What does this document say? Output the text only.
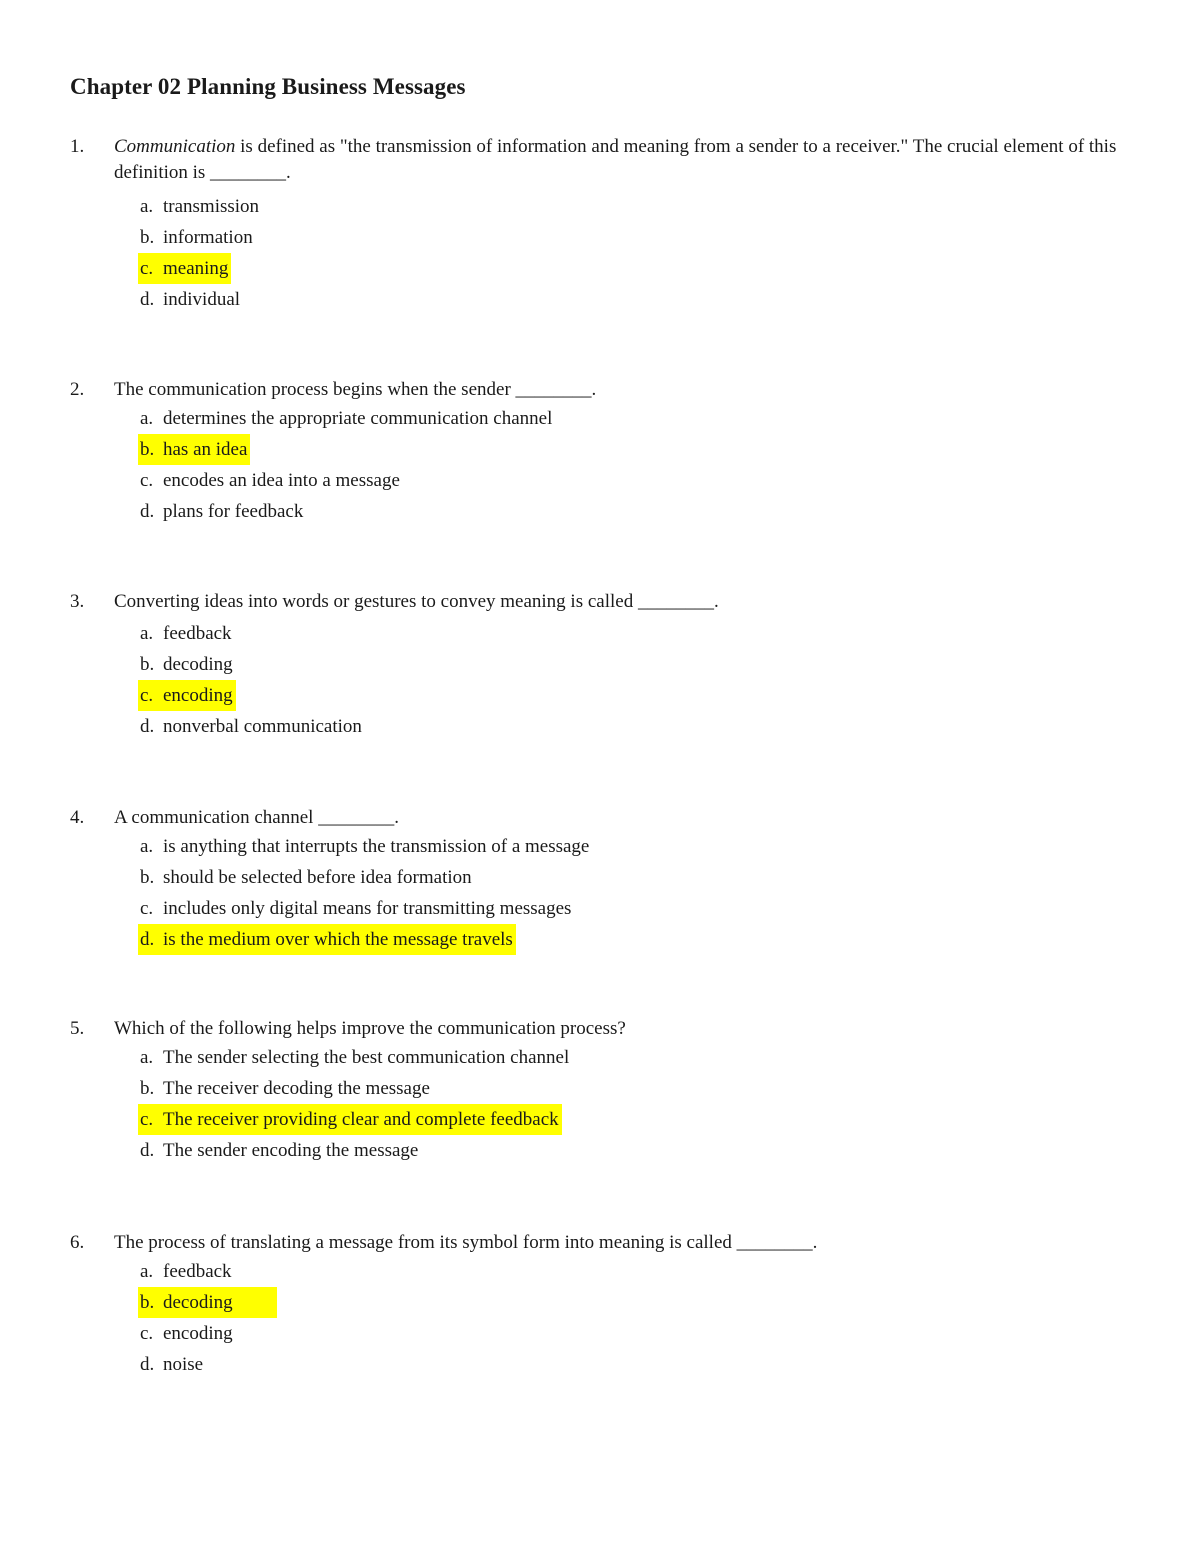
Chapter 02 Planning Business Messages
1. Communication is defined as "the transmission of information and meaning from a sender to a receiver." The crucial element of this definition is ________.
a. transmission
b. information
c. meaning
d. individual
2. The communication process begins when the sender ________.
a. determines the appropriate communication channel
b. has an idea
c. encodes an idea into a message
d. plans for feedback
3. Converting ideas into words or gestures to convey meaning is called ________.
a. feedback
b. decoding
c. encoding
d. nonverbal communication
4. A communication channel ________.
a. is anything that interrupts the transmission of a message
b. should be selected before idea formation
c. includes only digital means for transmitting messages
d. is the medium over which the message travels
5. Which of the following helps improve the communication process?
a. The sender selecting the best communication channel
b. The receiver decoding the message
c. The receiver providing clear and complete feedback
d. The sender encoding the message
6. The process of translating a message from its symbol form into meaning is called ________.
a. feedback
b. decoding
c. encoding
d. noise
